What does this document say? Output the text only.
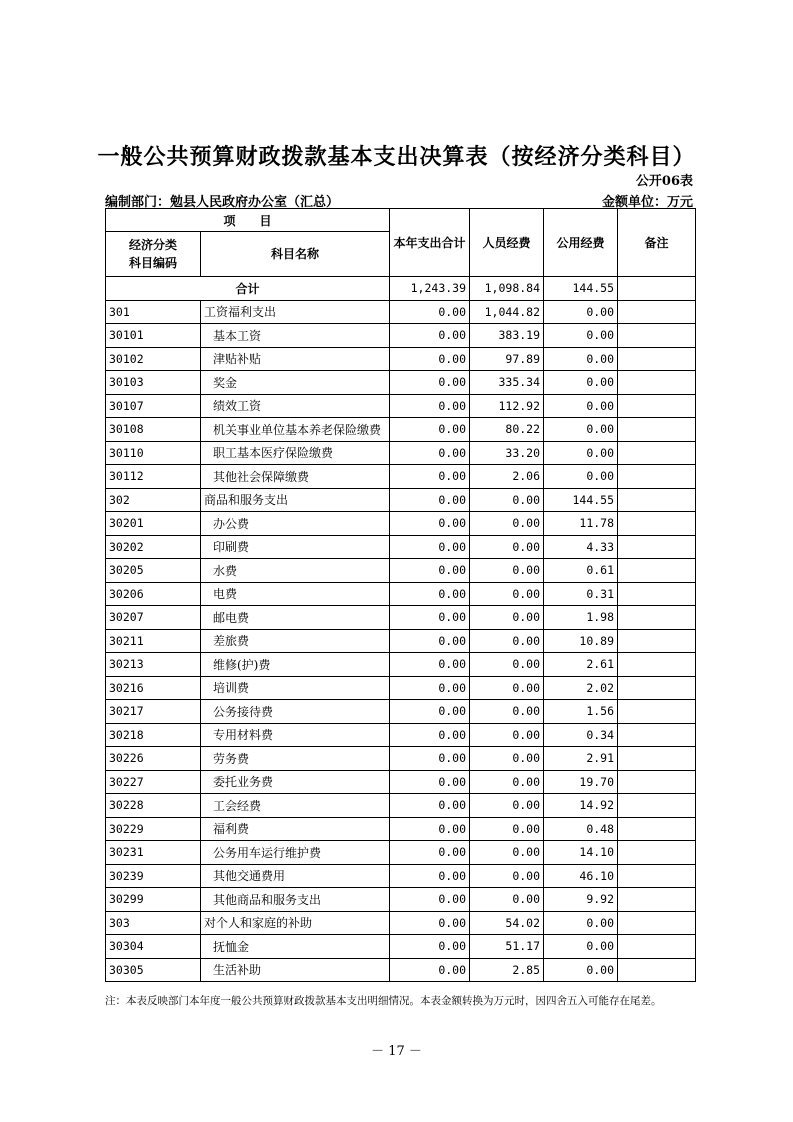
一般公共预算财政拨款基本支出决算表（按经济分类科目）
公开06表
编制部门：勉县人民政府办公室（汇总）	金额单位：万元
项　　目		本年支出合计	人员经费	公用经费	备注
经济分类
科目编码	科目名称				
合计		1,243.39	1,098.84	144.55	
301	工资福利支出	0.00	1,044.82	0.00	
30101	基本工资	0.00	383.19	0.00	
30102	津贴补贴	0.00	97.89	0.00	
30103	奖金	0.00	335.34	0.00	
30107	绩效工资	0.00	112.92	0.00	
30108	机关事业单位基本养老保险缴费	0.00	80.22	0.00	
30110	职工基本医疗保险缴费	0.00	33.20	0.00	
30112	其他社会保障缴费	0.00	2.06	0.00	
302	商品和服务支出	0.00	0.00	144.55	
30201	办公费	0.00	0.00	11.78	
30202	印刷费	0.00	0.00	4.33	
30205	水费	0.00	0.00	0.61	
30206	电费	0.00	0.00	0.31	
30207	邮电费	0.00	0.00	1.98	
30211	差旅费	0.00	0.00	10.89	
30213	维修(护)费	0.00	0.00	2.61	
30216	培训费	0.00	0.00	2.02	
30217	公务接待费	0.00	0.00	1.56	
30218	专用材料费	0.00	0.00	0.34	
30226	劳务费	0.00	0.00	2.91	
30227	委托业务费	0.00	0.00	19.70	
30228	工会经费	0.00	0.00	14.92	
30229	福利费	0.00	0.00	0.48	
30231	公务用车运行维护费	0.00	0.00	14.10	
30239	其他交通费用	0.00	0.00	46.10	
30299	其他商品和服务支出	0.00	0.00	9.92	
303	对个人和家庭的补助	0.00	54.02	0.00	
30304	抚恤金	0.00	51.17	0.00	
30305	生活补助	0.00	2.85	0.00	
注：本表反映部门本年度一般公共预算财政拨款基本支出明细情况。本表金额转换为万元时，因四舍五入可能存在尾差。
－ 17 －
